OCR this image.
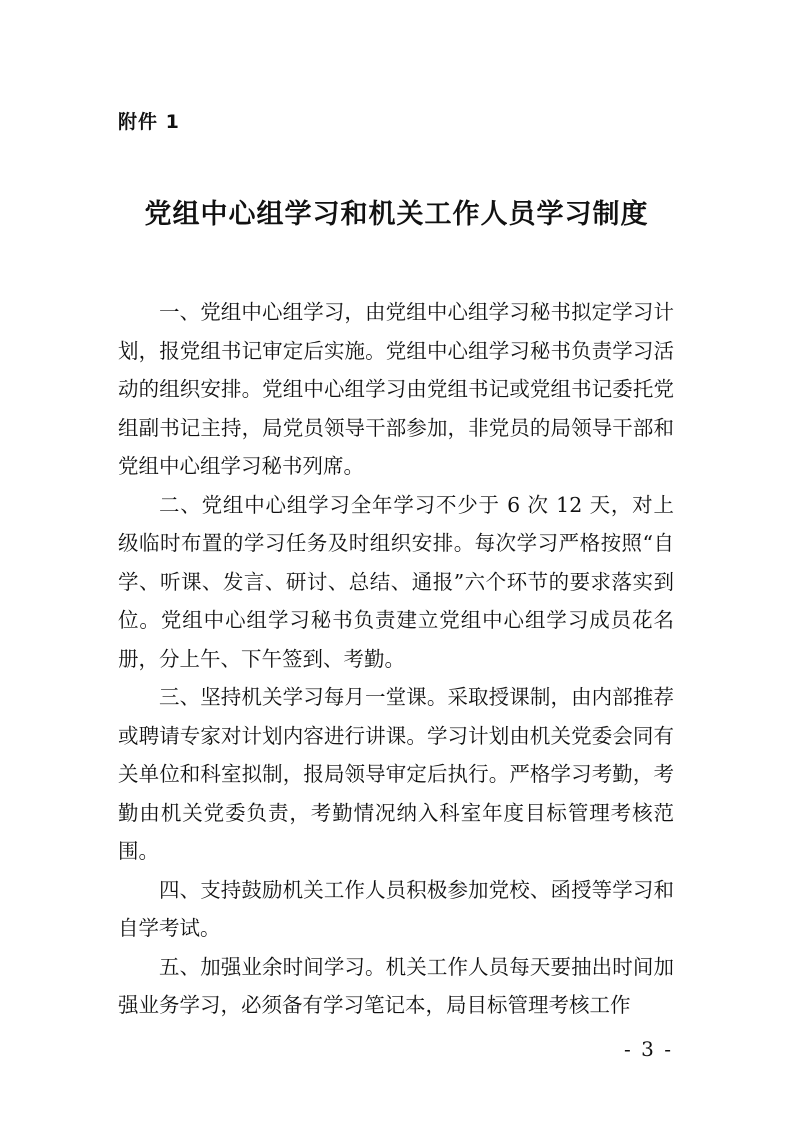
附件 1
党组中心组学习和机关工作人员学习制度

一、党组中心组学习，由党组中心组学习秘书拟定学习计划，报党组书记审定后实施。党组中心组学习秘书负责学习活动的组织安排。党组中心组学习由党组书记或党组书记委托党组副书记主持，局党员领导干部参加，非党员的局领导干部和党组中心组学习秘书列席。

二、党组中心组学习全年学习不少于 6 次 12 天，对上级临时布置的学习任务及时组织安排。每次学习严格按照“自学、听课、发言、研讨、总结、通报”六个环节的要求落实到位。党组中心组学习秘书负责建立党组中心组学习成员花名册，分上午、下午签到、考勤。

三、坚持机关学习每月一堂课。采取授课制，由内部推荐或聘请专家对计划内容进行讲课。学习计划由机关党委会同有关单位和科室拟制，报局领导审定后执行。严格学习考勤，考勤由机关党委负责，考勤情况纳入科室年度目标管理考核范围。

四、支持鼓励机关工作人员积极参加党校、函授等学习和自学考试。

五、加强业余时间学习。机关工作人员每天要抽出时间加强业务学习，必须备有学习笔记本，局目标管理考核工作

- 3 -
